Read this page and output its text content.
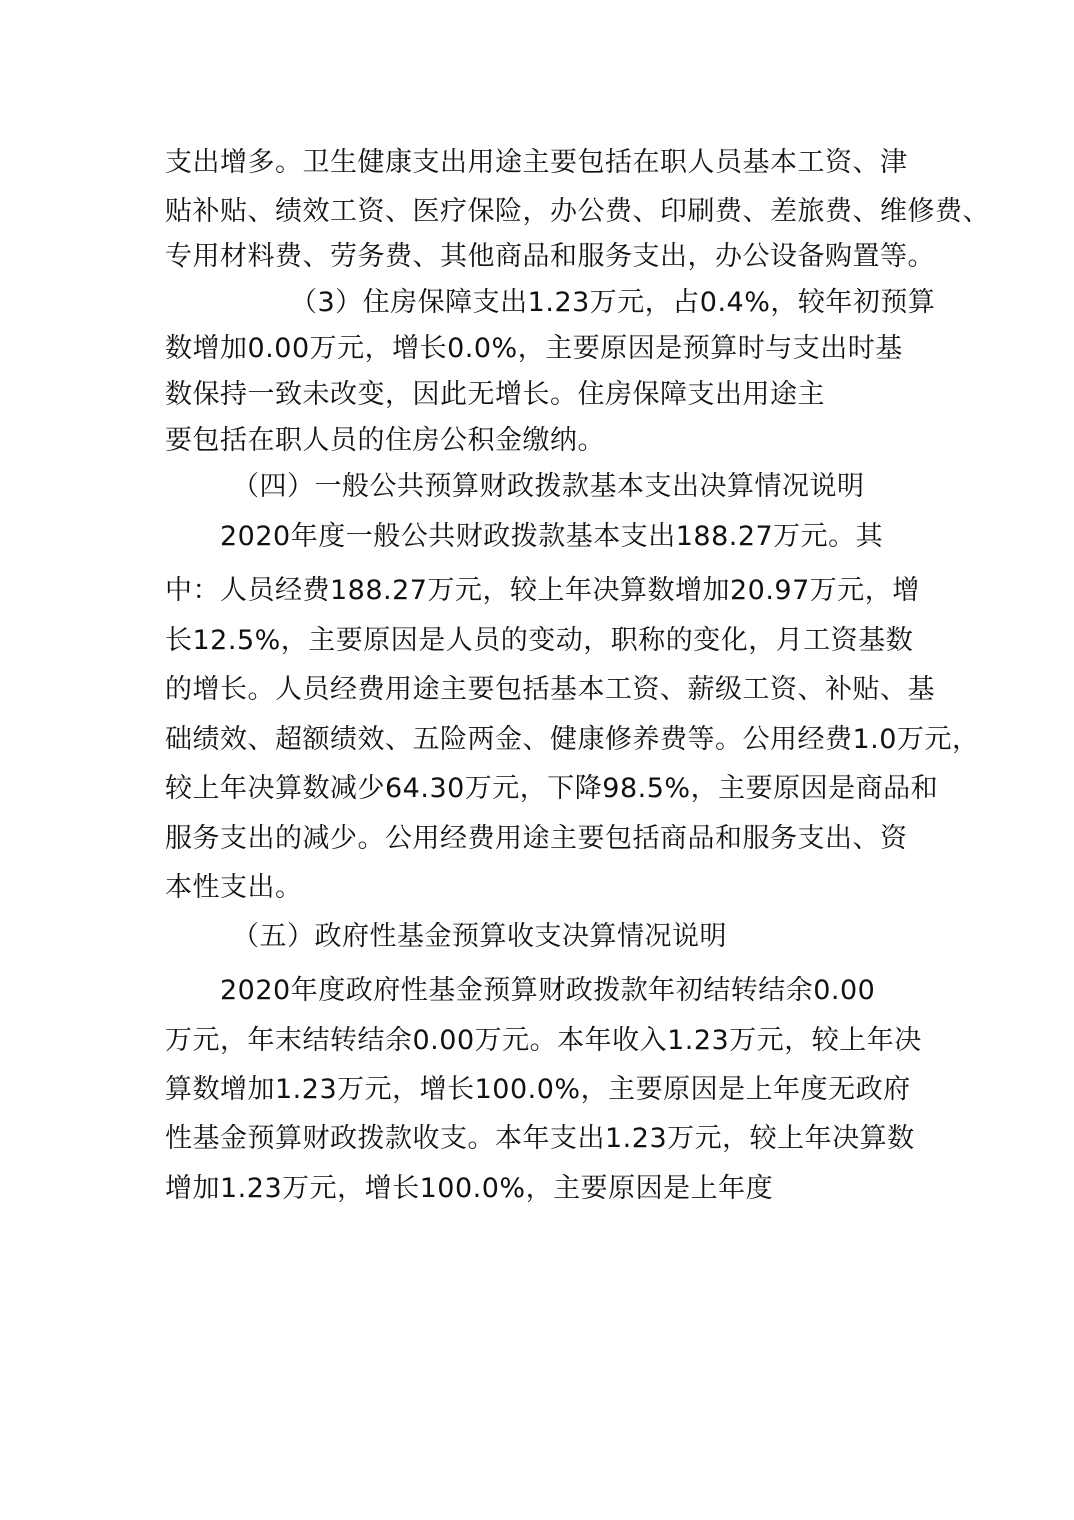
支出增多。卫生健康支出用途主要包括在职人员基本工资、津
贴补贴、绩效工资、医疗保险，办公费、印刷费、差旅费、维修费、
专用材料费、劳务费、其他商品和服务支出，办公设备购置等。
（3）住房保障支出1.23万元，占0.4%，较年初预算
数增加0.00万元，增长0.0%，主要原因是预算时与支出时基
数保持一致未改变，因此无增长。住房保障支出用途主
要包括在职人员的住房公积金缴纳。
（四）一般公共预算财政拨款基本支出决算情况说明
2020年度一般公共财政拨款基本支出188.27万元。其
中：人员经费188.27万元，较上年决算数增加20.97万元，增
长12.5%，主要原因是人员的变动，职称的变化，月工资基数
的增长。人员经费用途主要包括基本工资、薪级工资、补贴、基
础绩效、超额绩效、五险两金、健康修养费等。公用经费1.0万元，
较上年决算数减少64.30万元，下降98.5%，主要原因是商品和
服务支出的减少。公用经费用途主要包括商品和服务支出、资
本性支出。
（五）政府性基金预算收支决算情况说明
2020年度政府性基金预算财政拨款年初结转结余0.00
万元，年末结转结余0.00万元。本年收入1.23万元，较上年决
算数增加1.23万元，增长100.0%，主要原因是上年度无政府
性基金预算财政拨款收支。本年支出1.23万元，较上年决算数
增加1.23万元，增长100.0%，主要原因是上年度
